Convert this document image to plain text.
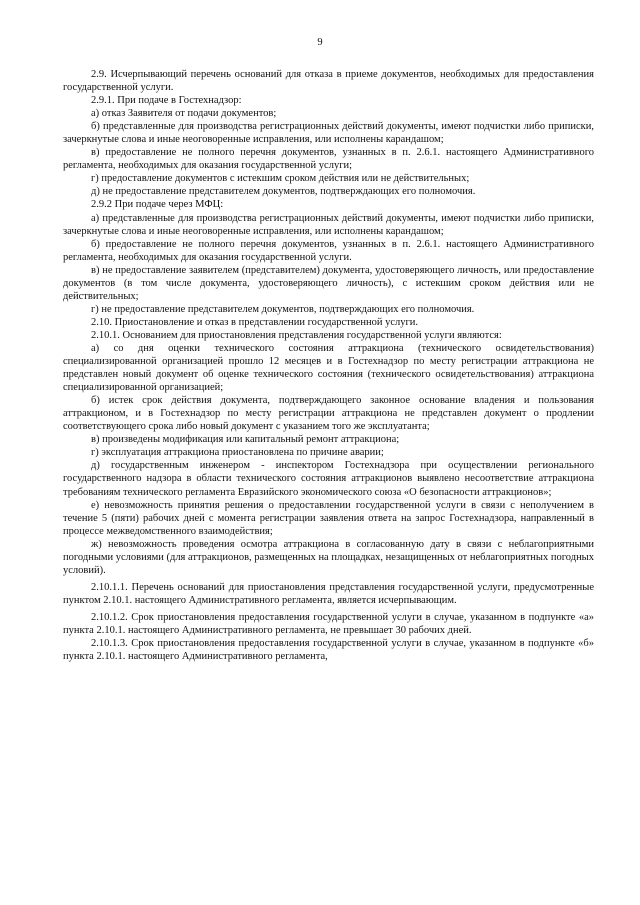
9

2.9. Исчерпывающий перечень оснований для отказа в приеме документов, необходимых для предоставления государственной услуги.

2.9.1. При подаче в Гостехнадзор:

а) отказ Заявителя от подачи документов;

б) представленные для производства регистрационных действий документы, имеют подчистки либо приписки, зачеркнутые слова и иные неоговоренные исправления, или исполнены карандашом;

в) предоставление не полного перечня документов, узнанных в п. 2.6.1. настоящего Административного регламента, необходимых для оказания государственной услуги;

г) предоставление документов с истекшим сроком действия или не действительных;

д) не предоставление представителем документов, подтверждающих его полномочия.

2.9.2 При подаче через МФЦ:

а) представленные для производства регистрационных действий документы, имеют подчистки либо приписки, зачеркнутые слова и иные неоговоренные исправления, или исполнены карандашом;

б) предоставление не полного перечня документов, узнанных в п. 2.6.1. настоящего Административного регламента, необходимых для оказания государственной услуги.

в) не предоставление заявителем (представителем) документа, удостоверяющего личность, или предоставление документов (в том числе документа, удостоверяющего личность), с истекшим сроком действия или не действительных;

г) не предоставление представителем документов, подтверждающих его полномочия.

2.10. Приостановление и отказ в представлении государственной услуги.

2.10.1. Основанием для приостановления представления государственной услуги являются:

а) со дня оценки технического состояния аттракциона (технического освидетельствования) специализированной организацией прошло 12 месяцев и в Гостехнадзор по месту регистрации аттракциона не представлен новый документ об оценке технического состояния (технического освидетельствования) аттракциона специализированной организацией;

б) истек срок действия документа, подтверждающего законное основание владения и пользования аттракционом, и в Гостехнадзор по месту регистрации аттракциона не представлен документ о продлении соответствующего срока либо новый документ с указанием того же эксплуатанта;

в) произведены модификация или капитальный ремонт аттракциона;

г) эксплуатация аттракциона приостановлена по причине аварии;

д) государственным инженером - инспектором Гостехнадзора при осуществлении регионального государственного надзора в области технического состояния аттракционов выявлено несоответствие аттракциона требованиям технического регламента Евразийского экономического союза «О безопасности аттракционов»;

е) невозможность принятия решения о предоставлении государственной услуги в связи с неполучением в течение 5 (пяти) рабочих дней с момента регистрации заявления ответа на запрос Гостехнадзора, направленный в процессе межведомственного взаимодействия;

ж) невозможность проведения осмотра аттракциона в согласованную дату в связи с неблагоприятными погодными условиями (для аттракционов, размещенных на площадках, незащищенных от неблагоприятных погодных условий).

2.10.1.1. Перечень оснований для приостановления представления государственной услуги, предусмотренные пунктом 2.10.1. настоящего Административного регламента, является исчерпывающим.

2.10.1.2. Срок приостановления предоставления государственной услуги в случае, указанном в подпункте «а» пункта 2.10.1. настоящего Административного регламента, не превышает 30 рабочих дней.

2.10.1.3. Срок приостановления предоставления государственной услуги в случае, указанном в подпункте «б» пункта 2.10.1. настоящего Административного регламента,
